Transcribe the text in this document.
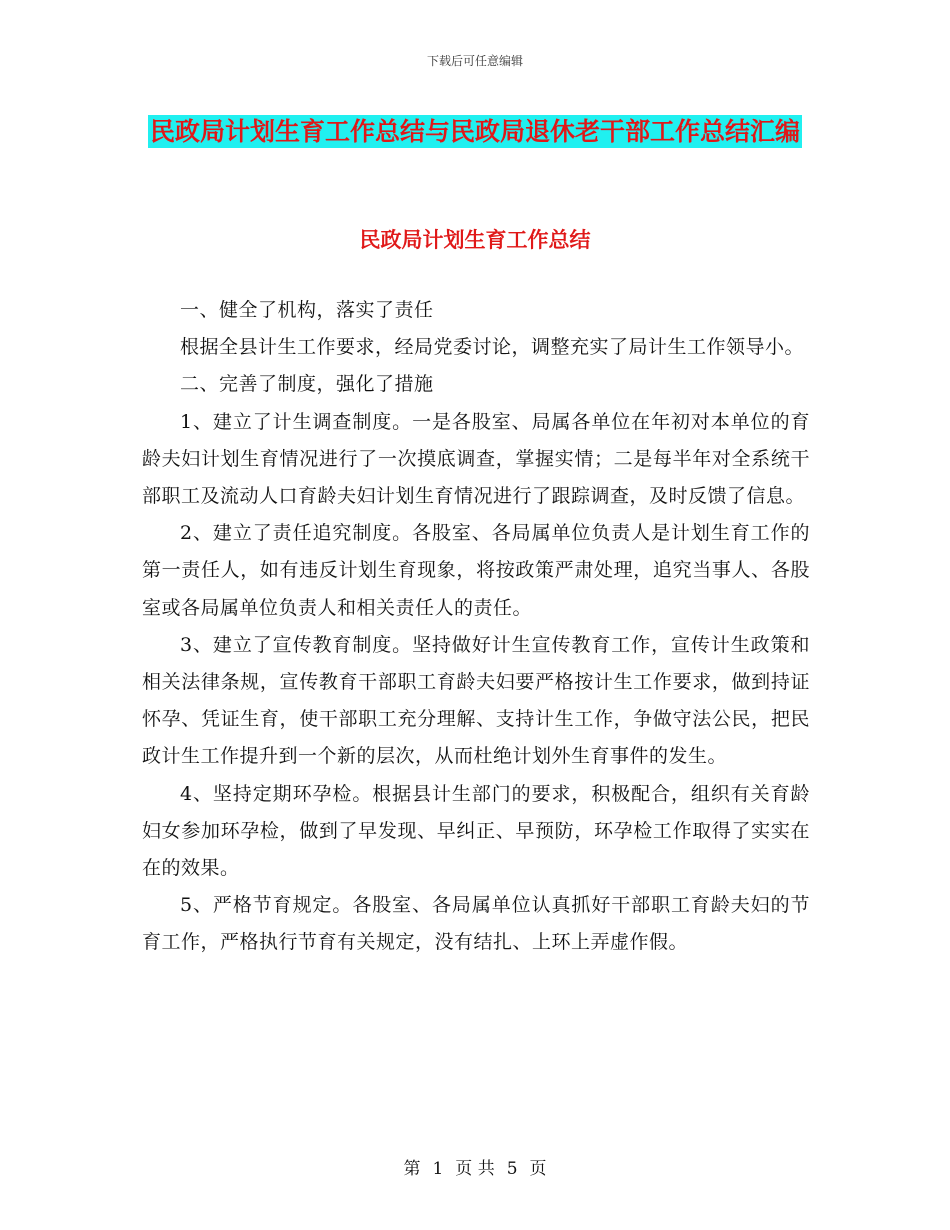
下载后可任意编辑
民政局计划生育工作总结与民政局退休老干部工作总结汇编
民政局计划生育工作总结

一、健全了机构，落实了责任

根据全县计生工作要求，经局党委讨论，调整充实了局计生工作领导小。

二、完善了制度，强化了措施

1、建立了计生调查制度。一是各股室、局属各单位在年初对本单位的育龄夫妇计划生育情况进行了一次摸底调查，掌握实情；二是每半年对全系统干部职工及流动人口育龄夫妇计划生育情况进行了跟踪调查，及时反馈了信息。

2、建立了责任追究制度。各股室、各局属单位负责人是计划生育工作的第一责任人，如有违反计划生育现象，将按政策严肃处理，追究当事人、各股室或各局属单位负责人和相关责任人的责任。

3、建立了宣传教育制度。坚持做好计生宣传教育工作，宣传计生政策和相关法律条规，宣传教育干部职工育龄夫妇要严格按计生工作要求，做到持证怀孕、凭证生育，使干部职工充分理解、支持计生工作，争做守法公民，把民政计生工作提升到一个新的层次，从而杜绝计划外生育事件的发生。

4、坚持定期环孕检。根据县计生部门的要求，积极配合，组织有关育龄妇女参加环孕检，做到了早发现、早纠正、早预防，环孕检工作取得了实实在在的效果。

5、严格节育规定。各股室、各局属单位认真抓好干部职工育龄夫妇的节育工作，严格执行节育有关规定，没有结扎、上环上弄虚作假。

第 1 页 共 5 页
